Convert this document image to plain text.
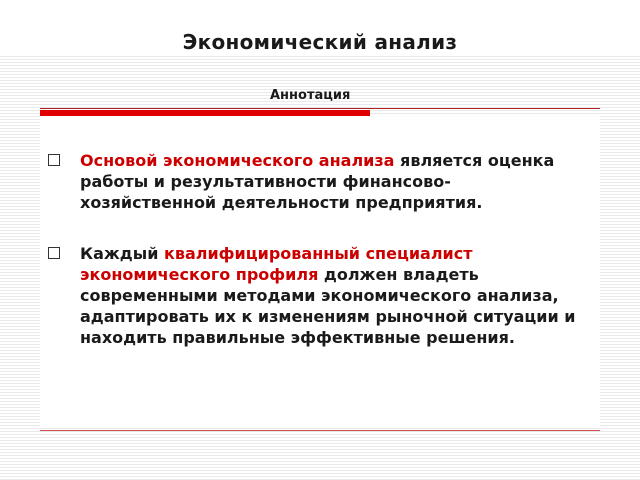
Экономический анализ
Аннотация
Основой экономического анализа является оценка работы и результативности финансово-хозяйственной деятельности предприятия.
Каждый квалифицированный специалист экономического профиля должен владеть современными методами экономического анализа, адаптировать их к изменениям рыночной ситуации и находить правильные эффективные решения.
